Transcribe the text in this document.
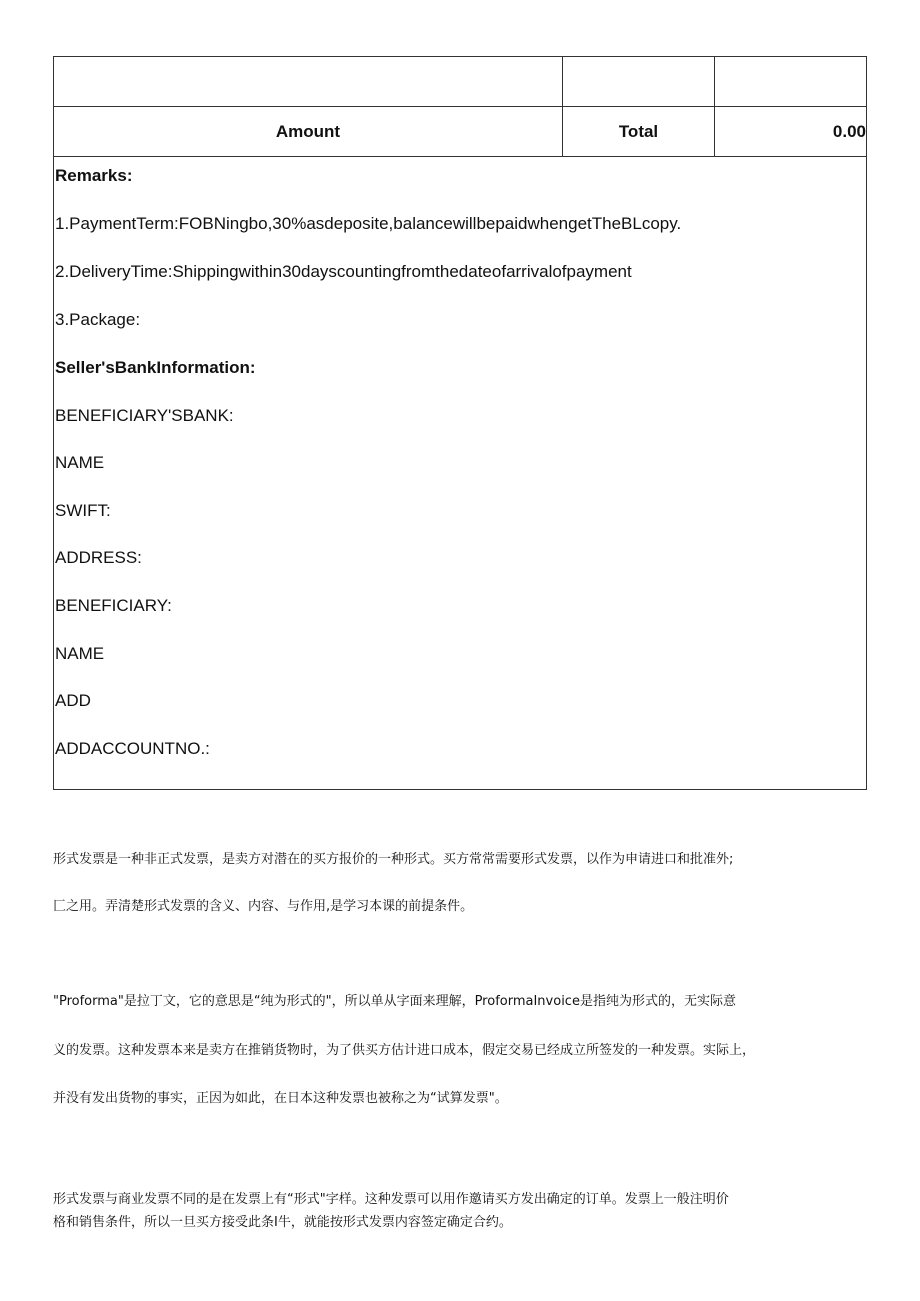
Amount	Total	0.00
Remarks:
1.PaymentTerm:FOBNingbo,30%asdeposite,balancewillbepaidwhengetTheBLcopy.
2.DeliveryTime:Shippingwithin30dayscountingfromthedateofarrivalofpayment
3.Package:
Seller'sBankInformation:
BENEFICIARY'SBANK:
NAME
SWIFT:
ADDRESS:
BENEFICIARY:
NAME
ADD
ADDACCOUNTNO.:
形式发票是一种非正式发票，是卖方对潜在的买方报价的一种形式。买方常常需要形式发票，以作为申请进口和批准外;
匚之用。弄清楚形式发票的含义、内容、与作用,是学习本课的前提条件。
"Proforma"是拉丁文，它的意思是“纯为形式的"，所以单从字面来理解，ProformaInvoice是指纯为形式的，无实际意
义的发票。这种发票本来是卖方在推销货物时，为了供买方估计进口成本，假定交易已经成立所签发的一种发票。实际上，
并没有发出货物的事实，正因为如此，在日本这种发票也被称之为“试算发票"。
形式发票与商业发票不同的是在发票上有“形式"字样。这种发票可以用作邀请买方发出确定的订单。发票上一般注明价
格和销售条件，所以一旦买方接受此条Ⅰ牛，就能按形式发票内容签定确定合约。
